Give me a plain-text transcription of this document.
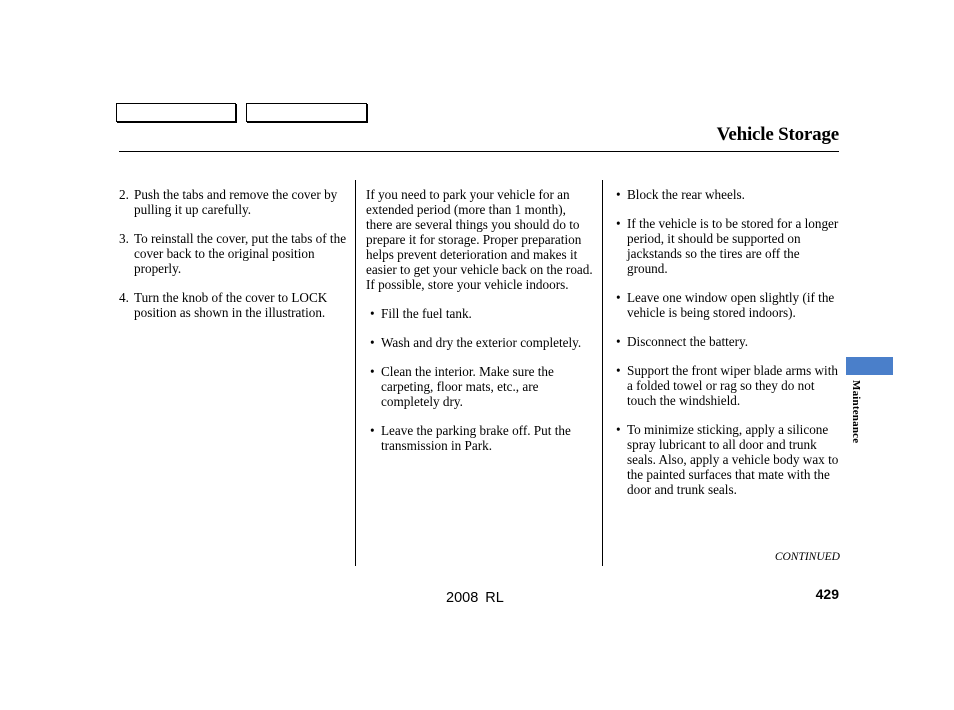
Vehicle Storage
2. Push the tabs and remove the cover by pulling it up carefully.
3. To reinstall the cover, put the tabs of the cover back to the original position properly.
4. Turn the knob of the cover to LOCK position as shown in the illustration.
If you need to park your vehicle for an extended period (more than 1 month), there are several things you should do to prepare it for storage. Proper preparation helps prevent deterioration and makes it easier to get your vehicle back on the road. If possible, store your vehicle indoors.
• Fill the fuel tank.
• Wash and dry the exterior completely.
• Clean the interior. Make sure the carpeting, floor mats, etc., are completely dry.
• Leave the parking brake off. Put the transmission in Park.
• Block the rear wheels.
• If the vehicle is to be stored for a longer period, it should be supported on jackstands so the tires are off the ground.
• Leave one window open slightly (if the vehicle is being stored indoors).
• Disconnect the battery.
• Support the front wiper blade arms with a folded towel or rag so they do not touch the windshield.
• To minimize sticking, apply a silicone spray lubricant to all door and trunk seals. Also, apply a vehicle body wax to the painted surfaces that mate with the door and trunk seals.
CONTINUED
429
2008 RL
Maintenance
